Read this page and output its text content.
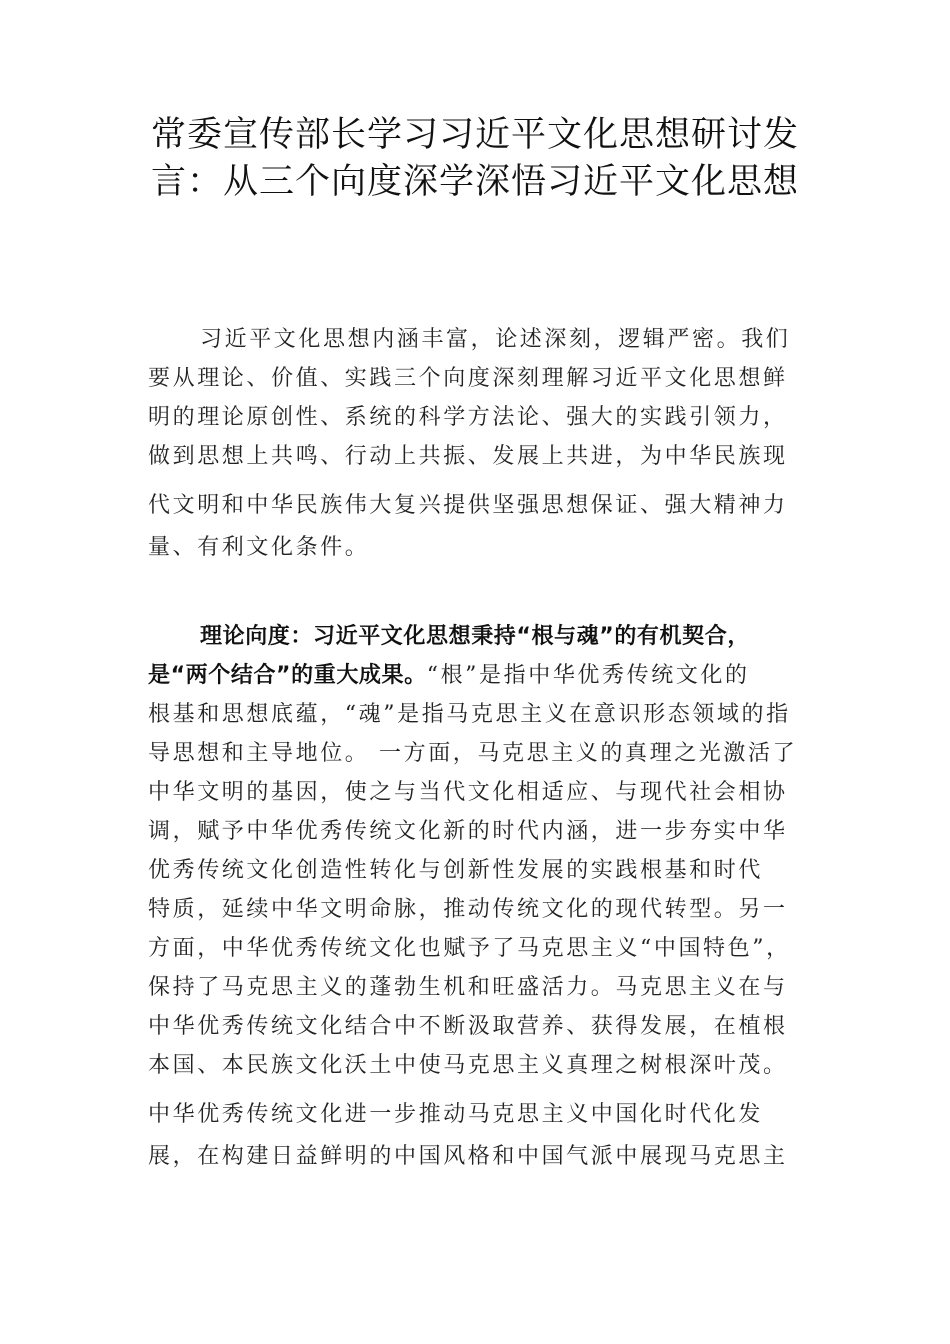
常委宣传部长学习习近平文化思想研讨发
言：从三个向度深学深悟习近平文化思想
习近平文化思想内涵丰富，论述深刻，逻辑严密。我们
要从理论、价值、实践三个向度深刻理解习近平文化思想鲜
明的理论原创性、系统的科学方法论、强大的实践引领力，
做到思想上共鸣、行动上共振、发展上共进，为中华民族现
代文明和中华民族伟大复兴提供坚强思想保证、强大精神力
量、有利文化条件。
理论向度：习近平文化思想秉持“根与魂”的有机契合，
是“两个结合”的重大成果。“根”是指中华优秀传统文化的
根基和思想底蕴，“魂”是指马克思主义在意识形态领域的指
导思想和主导地位。 一方面，马克思主义的真理之光激活了
中华文明的基因，使之与当代文化相适应、与现代社会相协
调，赋予中华优秀传统文化新的时代内涵，进一步夯实中华
优秀传统文化创造性转化与创新性发展的实践根基和时代
特质，延续中华文明命脉，推动传统文化的现代转型。另一
方面，中华优秀传统文化也赋予了马克思主义“中国特色”，
保持了马克思主义的蓬勃生机和旺盛活力。马克思主义在与
中华优秀传统文化结合中不断汲取营养、获得发展，在植根
本国、本民族文化沃土中使马克思主义真理之树根深叶茂。
中华优秀传统文化进一步推动马克思主义中国化时代化发
展，在构建日益鲜明的中国风格和中国气派中展现马克思主
